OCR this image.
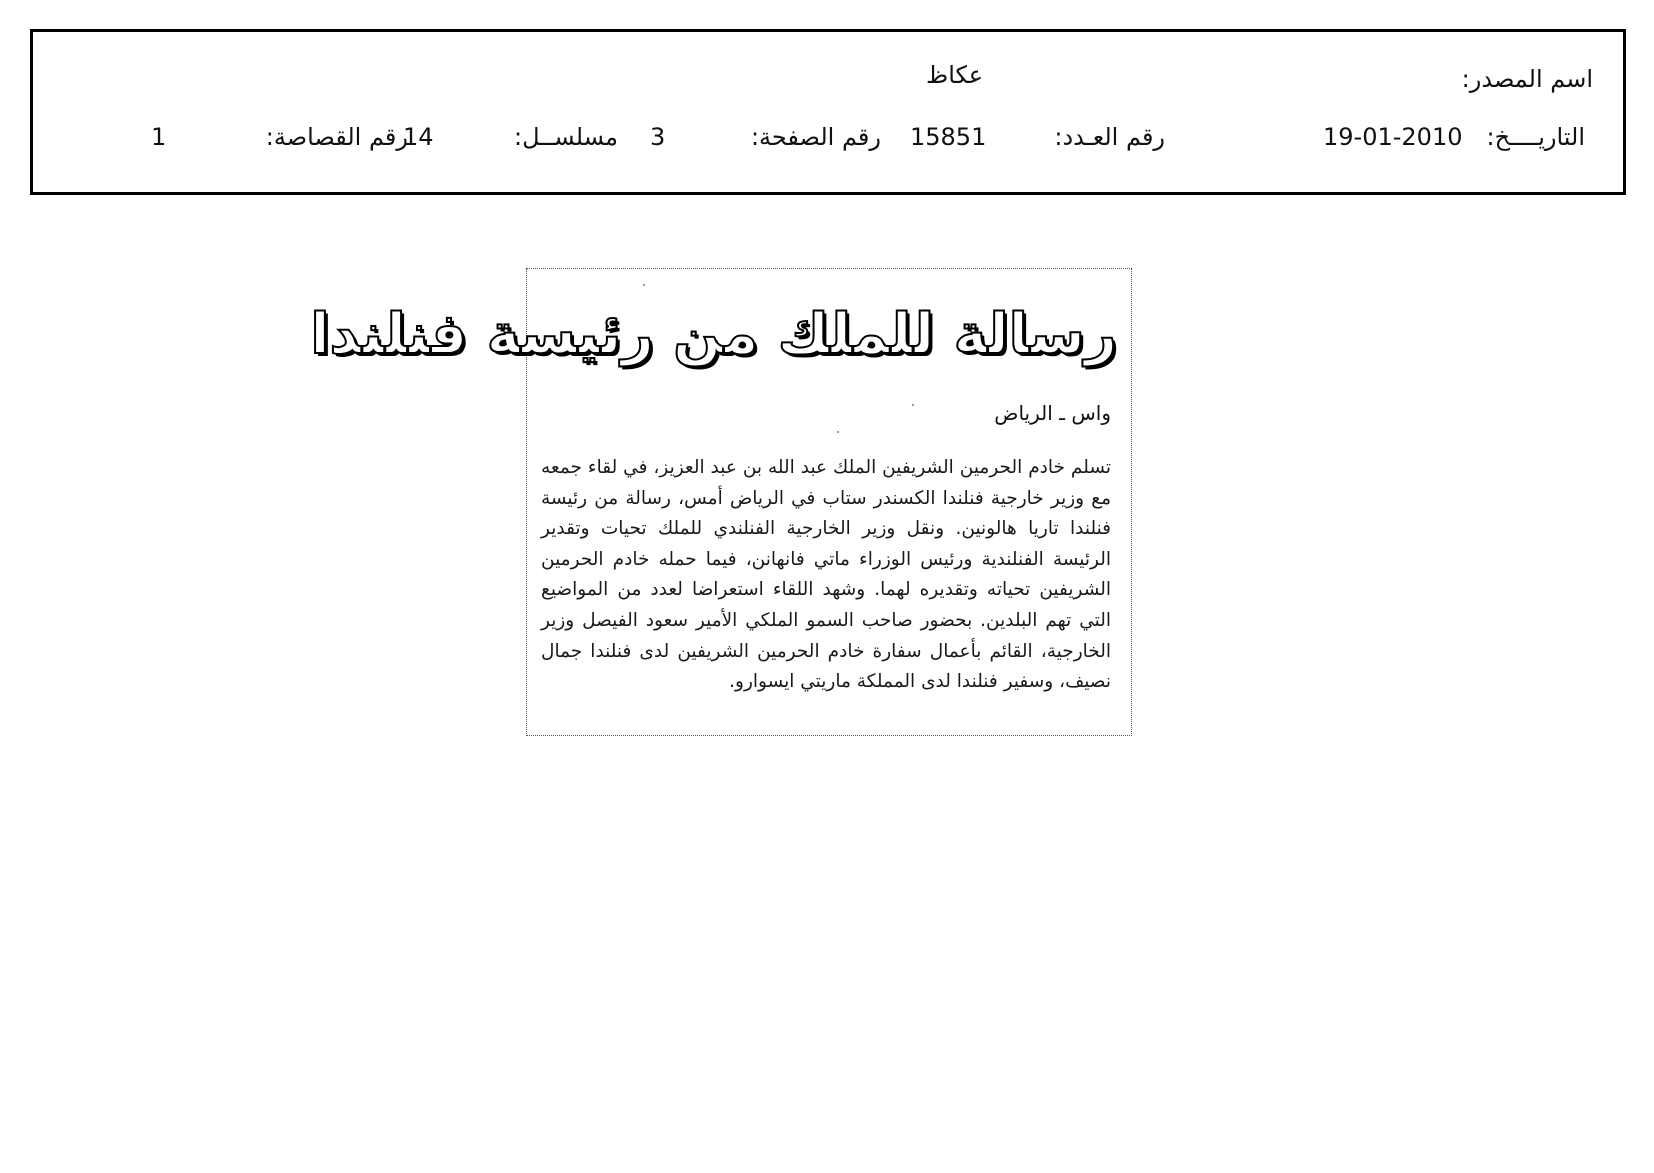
اسم المصدر:
عكاظ
التاريــــخ:
19-01-2010
رقم العـدد:
15851
رقم الصفحة:
3
مسلســل:
14
رقم القصاصة:
1
رسالة للملك من رئيسة فنلندا
واس ـ الرياض
تسلم خادم الحرمين الشريفين الملك عبد الله بن عبد العزيز، في لقاء جمعه مع وزير خارجية فنلندا الكسندر ستاب في الرياض أمس، رسالة من رئيسة فنلندا تاريا هالونين. ونقل وزير الخارجية الفنلندي للملك تحيات وتقدير الرئيسة الفنلندية ورئيس الوزراء ماتي فانهانن، فيما حمله خادم الحرمين الشريفين تحياته وتقديره لهما. وشهد اللقاء استعراضا لعدد من المواضيع التي تهم البلدين. بحضور صاحب السمو الملكي الأمير سعود الفيصل وزير الخارجية، القائم بأعمال سفارة خادم الحرمين الشريفين لدى فنلندا جمال نصيف، وسفير فنلندا لدى المملكة ماريتي ايسوارو.
